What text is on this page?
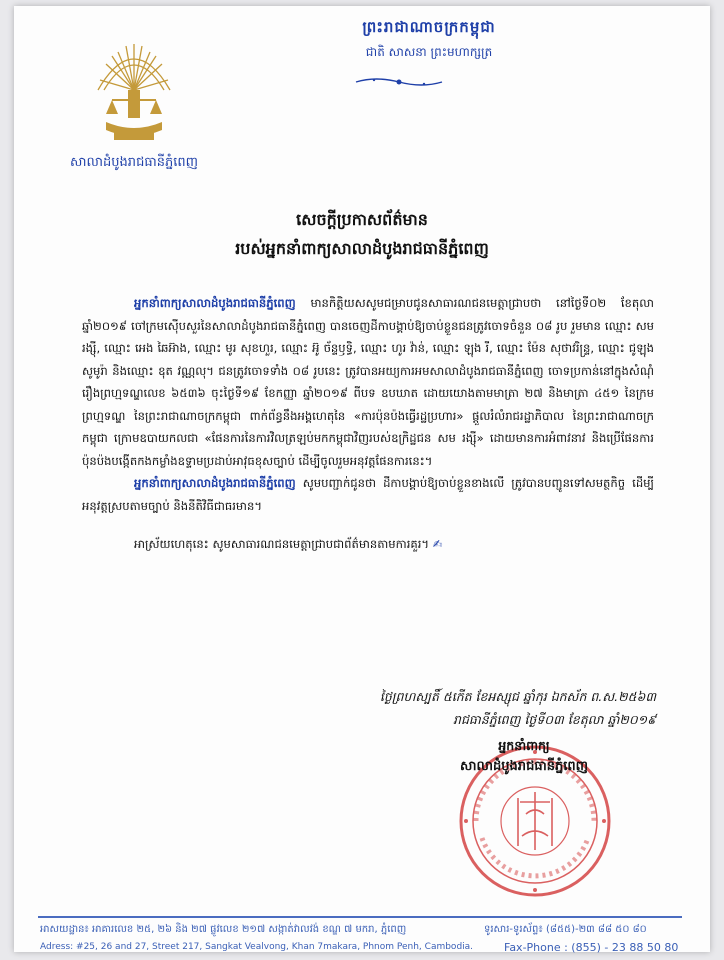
សាលាដំបូងរាជធានីភ្នំពេញ
ព្រះរាជាណាចក្រកម្ពុជា
ជាតិ សាសនា ព្រះមហាក្សត្រ
សេចក្តីប្រកាសព័ត៌មាន
របស់អ្នកនាំពាក្យសាលាដំបូងរាជធានីភ្នំពេញ

អ្នកនាំពាក្យសាលាដំបូងរាជធានីភ្នំពេញ មានកិត្តិយសសូមជម្រាបជូនសាធារណជនមេត្តាជ្រាបថា នៅថ្ងៃទី០២ ខែតុលា ឆ្នាំ២០១៩ ចៅក្រមស៊ើបសួរនៃសាលាដំបូងរាជធានីភ្នំពេញ បានចេញដីកាបង្គាប់ឱ្យចាប់ខ្លួនជនត្រូវចោទចំនួន ០៨ រូប រួមមាន ឈ្មោះ សម រង្ស៊ី, ឈ្មោះ អេង ឆៃអ៊ាង, ឈ្មោះ មូរ សុខហួរ, ឈ្មោះ អ៊ូ ច័ន្ទឫទ្ធិ, ឈ្មោះ ហូរ វ៉ាន់, ឈ្មោះ ឡុង រី, ឈ្មោះ ម៉ែន សុថាវរិន្ទ្រ, ឈ្មោះ ជូឡុង សូមូរ៉ា និងឈ្មោះ ឧុត វណ្ណលុ។ ជនត្រូវចោទទាំង ០៨ រូបនេះ ត្រូវបានអយ្យការអមសាលាដំបូងរាជធានីភ្នំពេញ ចោទប្រកាន់នៅក្នុងសំណុំរឿងព្រហ្មទណ្ឌលេខ ៦៥៣៦ ចុះថ្ងៃទី១៩ ខែកញ្ញា ឆ្នាំ២០១៩ ពីបទ ឧបឃាត ដោយយោងតាមមាត្រា ២៧ និងមាត្រា ៤៥១ នៃក្រមព្រហ្មទណ្ឌ នៃព្រះរាជាណាចក្រកម្ពុជា ពាក់ព័ន្ធនឹងអង្គហេតុនៃ «ការប៉ុនប៉ងធ្វើរដ្ឋប្រហារ» ផ្តួលរំលំរាជរដ្ឋាភិបាល នៃព្រះរាជាណាចក្រកម្ពុជា ក្រោមឧបាយកលជា «ផែនការនៃការវិលត្រឡប់មកកម្ពុជាវិញរបស់ឧក្រិដ្ឋជន សម រង្ស៊ី» ដោយមានការអំពាវនាវ និងប្រើផែនការប៉ុនប៉ងបង្កើតកងកម្លាំងឧទ្ទាមប្រដាប់អាវុធខុសច្បាប់ ដើម្បីចូលរួមអនុវត្តផែនការនេះ។

អ្នកនាំពាក្យសាលាដំបូងរាជធានីភ្នំពេញ សូមបញ្ជាក់ជូនថា ដីកាបង្គាប់ឱ្យចាប់ខ្លួនខាងលើ ត្រូវបានបញ្ជូនទៅសមត្ថកិច្ច ដើម្បីអនុវត្តស្របតាមច្បាប់ និងនីតិវិធីជាធរមាន។

អាស្រ័យហេតុនេះ សូមសាធារណជនមេត្តាជ្រាបជាព័ត៌មានតាមការគួរ។ ✍

ថ្ងៃព្រហស្បតិ៍ ៥កើត ខែអស្សុជ ឆ្នាំកុរ ឯកស័ក ព.ស.២៥៦៣
រាជធានីភ្នំពេញ ថ្ងៃទី០៣ ខែតុលា ឆ្នាំ២០១៩
អ្នកនាំពាក្យ
សាលាដំបូងរាជធានីភ្នំពេញ
អាសយដ្ឋាន៖ អាគារលេខ ២៥, ២៦ និង ២៧ ផ្លូវលេខ ២១៧ សង្កាត់វាលវង់ ខណ្ឌ ៧ មករា, ភ្នំពេញ
Adress: #25, 26 and 27, Street 217, Sangkat Vealvong, Khan 7makara, Phnom Penh, Cambodia.
ទូរសារ-ទូរស័ព្ទ៖ (៨៥៥)-២៣ ៨៨ ៥០ ៨០
Fax-Phone : (855) - 23 88 50 80
